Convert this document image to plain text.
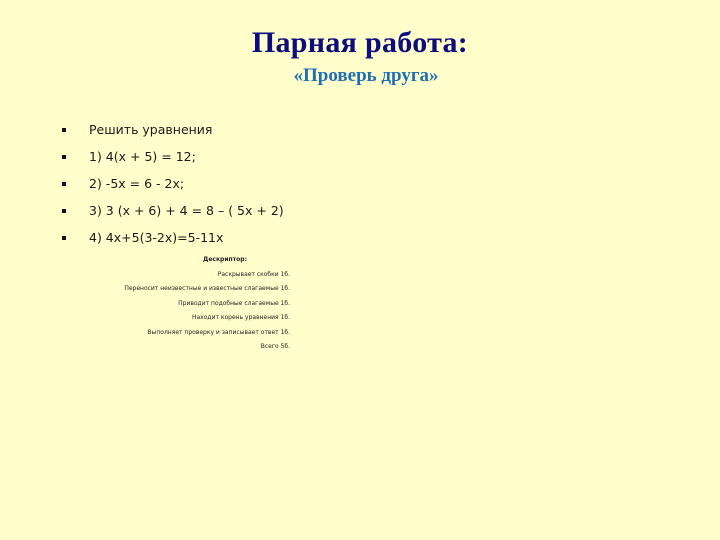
Парная работа:
«Проверь друга»
Решить уравнения
1) 4(x + 5) = 12;
2) -5x = 6 - 2x;
3) 3 (x + 6) + 4 = 8 – ( 5x + 2)
4) 4x+5(3-2x)=5-11x
Дескриптор:
Раскрывает скобки 1б.
Переносит неизвестные и известные слагаемые 1б.
Приводит подобные слагаемые 1б.
Находит корень уравнения 1б.
Выполняет проверку и записывает ответ 1б.
Всего 5б.
